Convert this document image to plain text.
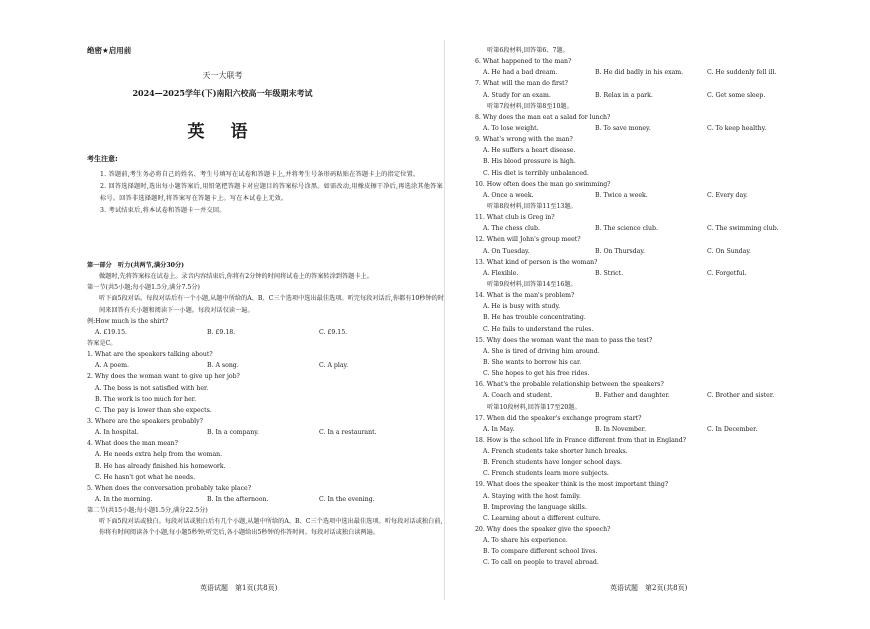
绝密★启用前
天一大联考
2024—2025学年(下)南阳六校高一年级期末考试
英 语
考生注意:
1. 答题前,考生务必将自己的姓名、考生号填写在试卷和答题卡上,并将考生号条形码粘贴在答题卡上的指定位置。
2. 回答选择题时,选出每小题答案后,用铅笔把答题卡对应题目的答案标号涂黑。如需改动,用橡皮擦干净后,再选涂其他答案标号。回答非选择题时,将答案写在答题卡上。写在本试卷上无效。
3. 考试结束后,将本试卷和答题卡一并交回。
第一部分　听力(共两节,满分30分)
做题时,先将答案标在试卷上。录音内容结束后,你将有2分钟的时间将试卷上的答案转涂到答题卡上。
第一节(共5小题;每小题1.5分,满分7.5分)
听下面5段对话。每段对话后有一个小题,从题中所给的A、B、C三个选项中选出最佳选项。听完每段对话后,你都有10秒钟的时间来回答有关小题和阅读下一小题。每段对话仅读一遍。
例:How much is the shirt?
A. £19.15.	B. £9.18.	C. £9.15.
答案是C。
1. What are the speakers talking about?
A. A poem.	B. A song.	C. A play.
2. Why does the woman want to give up her job?
A. The boss is not satisfied with her.
B. The work is too much for her.
C. The pay is lower than she expects.
3. Where are the speakers probably?
A. In hospital.	B. In a company.	C. In a restaurant.
4. What does the man mean?
A. He needs extra help from the woman.
B. He has already finished his homework.
C. He hasn't got what he needs.
5. When does the conversation probably take place?
A. In the morning.	B. In the afternoon.	C. In the evening.
第二节(共15小题;每小题1.5分,满分22.5分)
听下面5段对话或独白。每段对话或独白后有几个小题,从题中所给的A、B、C三个选项中选出最佳选项。听每段对话或独白前,你将有时间阅读各个小题,每小题5秒钟;听完后,各小题给出5秒钟的作答时间。每段对话或独白读两遍。
英语试题　第1页(共8页)
听第6段材料,回答第6、7题。
6. What happened to the man?
A. He had a bad dream.	B. He did badly in his exam.	C. He suddenly fell ill.
7. What will the man do first?
A. Study for an exam.	B. Relax in a park.	C. Get some sleep.
听第7段材料,回答第8至10题。
8. Why does the man eat a salad for lunch?
A. To lose weight.	B. To save money.	C. To keep healthy.
9. What's wrong with the man?
A. He suffers a heart disease.
B. His blood pressure is high.
C. His diet is terribly unbalanced.
10. How often does the man go swimming?
A. Once a week.	B. Twice a week.	C. Every day.
听第8段材料,回答第11至13题。
11. What club is Greg in?
A. The chess club.	B. The science club.	C. The swimming club.
12. When will John's group meet?
A. On Tuesday.	B. On Thursday.	C. On Sunday.
13. What kind of person is the woman?
A. Flexible.	B. Strict.	C. Forgetful.
听第9段材料,回答第14至16题。
14. What is the man's problem?
A. He is busy with study.
B. He has trouble concentrating.
C. He fails to understand the rules.
15. Why does the woman want the man to pass the test?
A. She is tired of driving him around.
B. She wants to borrow his car.
C. She hopes to get his free rides.
16. What's the probable relationship between the speakers?
A. Coach and student.	B. Father and daughter.	C. Brother and sister.
听第10段材料,回答第17至20题。
17. When did the speaker's exchange program start?
A. In May.	B. In November.	C. In December.
18. How is the school life in France different from that in England?
A. French students take shorter lunch breaks.
B. French students have longer school days.
C. French students learn more subjects.
19. What does the speaker think is the most important thing?
A. Staying with the host family.
B. Improving the language skills.
C. Learning about a different culture.
20. Why does the speaker give the speech?
A. To share his experience.
B. To compare different school lives.
C. To call on people to travel abroad.
英语试题　第2页(共8页)
